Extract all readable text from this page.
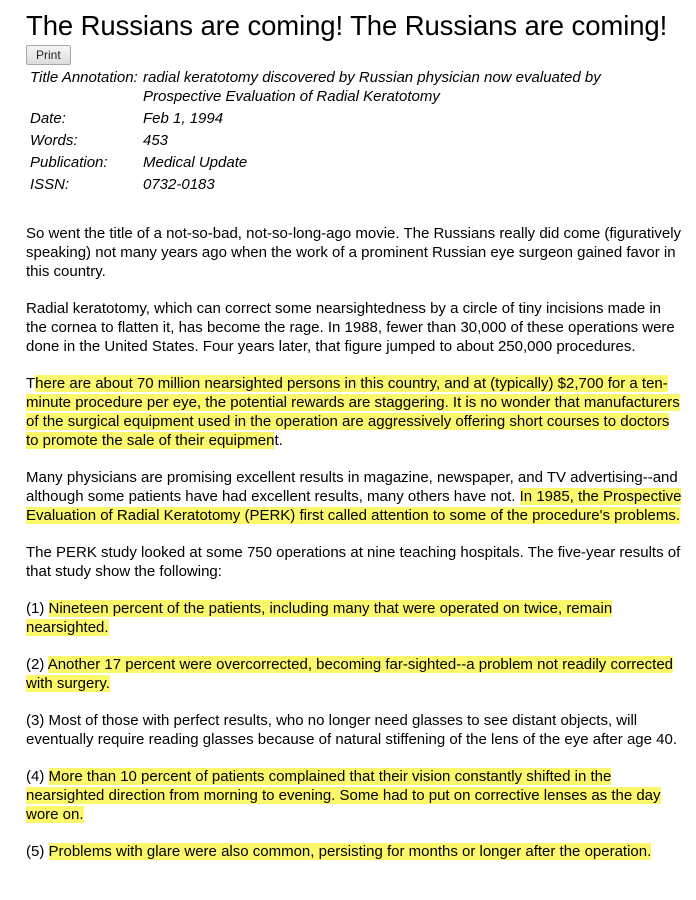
The Russians are coming! The Russians are coming!
Print
Title Annotation:	radial keratotomy discovered by Russian physician now evaluated by Prospective Evaluation of Radial Keratotomy
Date:	Feb 1, 1994
Words:	453
Publication:	Medical Update
ISSN:	0732-0183

So went the title of a not-so-bad, not-so-long-ago movie. The Russians really did come (figuratively speaking) not many years ago when the work of a prominent Russian eye surgeon gained favor in this country.

Radial keratotomy, which can correct some nearsightedness by a circle of tiny incisions made in the cornea to flatten it, has become the rage. In 1988, fewer than 30,000 of these operations were done in the United States. Four years later, that figure jumped to about 250,000 procedures.

There are about 70 million nearsighted persons in this country, and at (typically) $2,700 for a ten-minute procedure per eye, the potential rewards are staggering. It is no wonder that manufacturers of the surgical equipment used in the operation are aggressively offering short courses to doctors to promote the sale of their equipment.

Many physicians are promising excellent results in magazine, newspaper, and TV advertising--and although some patients have had excellent results, many others have not. In 1985, the Prospective Evaluation of Radial Keratotomy (PERK) first called attention to some of the procedure's problems.

The PERK study looked at some 750 operations at nine teaching hospitals. The five-year results of that study show the following:

(1) Nineteen percent of the patients, including many that were operated on twice, remain nearsighted.

(2) Another 17 percent were overcorrected, becoming far-sighted--a problem not readily corrected with surgery.

(3) Most of those with perfect results, who no longer need glasses to see distant objects, will eventually require reading glasses because of natural stiffening of the lens of the eye after age 40.

(4) More than 10 percent of patients complained that their vision constantly shifted in the nearsighted direction from morning to evening. Some had to put on corrective lenses as the day wore on.

(5) Problems with glare were also common, persisting for months or longer after the operation.
